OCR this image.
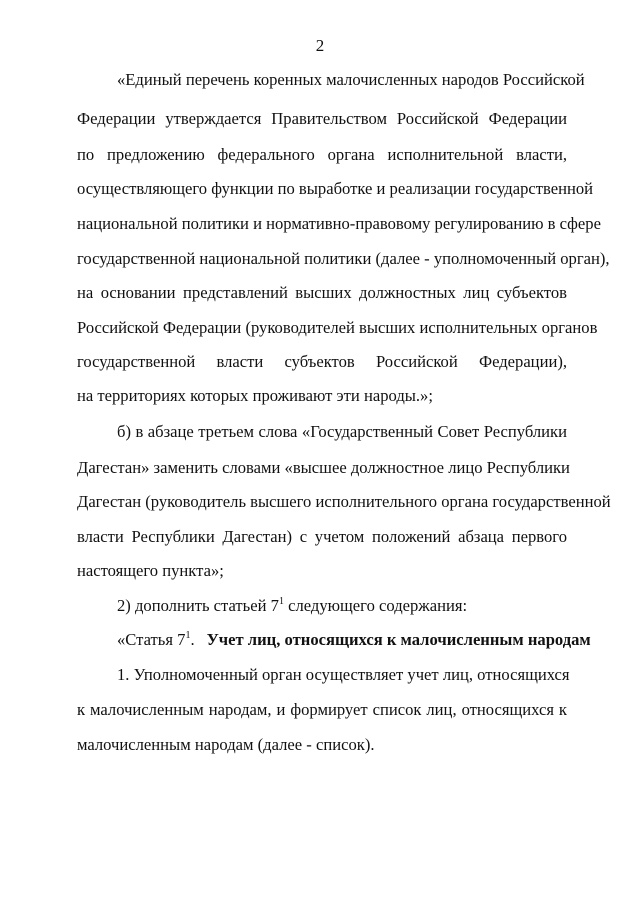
2
«Единый перечень коренных малочисленных народов Российской
Федерации утверждается Правительством Российской Федерации
по предложению федерального органа исполнительной власти,
осуществляющего функции по выработке и реализации государственной
национальной политики и нормативно-правовому регулированию в сфере
государственной национальной политики (далее - уполномоченный орган),
на основании представлений высших должностных лиц субъектов
Российской Федерации (руководителей высших исполнительных органов
государственной власти субъектов Российской Федерации),
на территориях которых проживают эти народы.»;
б) в абзаце третьем слова «Государственный Совет Республики
Дагестан» заменить словами «высшее должностное лицо Республики
Дагестан (руководитель высшего исполнительного органа государственной
власти Республики Дагестан) с учетом положений абзаца первого
настоящего пункта»;
2) дополнить статьей $7^1$ следующего содержания:
«Статья $7^1$. Учет лиц, относящихся к малочисленным народам
1. Уполномоченный орган осуществляет учет лиц, относящихся
к малочисленным народам, и формирует список лиц, относящихся к
малочисленным народам (далее - список).
